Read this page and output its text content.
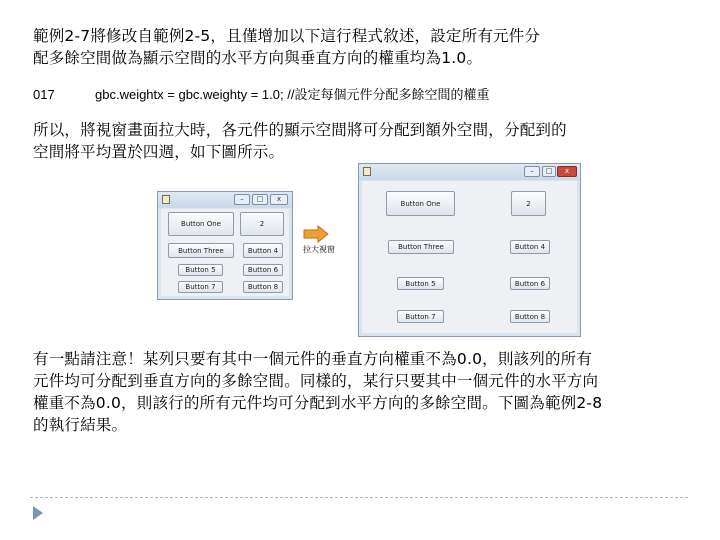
範例2-7將修改自範例2-5，且僅增加以下這行程式敘述，設定所有元件分
配多餘空間做為顯示空間的水平方向與垂直方向的權重均為1.0。
017	gbc.weightx = gbc.weighty = 1.0; //設定每個元件分配多餘空間的權重
所以，將視窗畫面拉大時，各元件的顯示空間將可分配到額外空間，分配到的
空間將平均置於四週，如下圖所示。
–	□	x
Button One	2
Button Three	Button 4
Button 5	Button 6
Button 7	Button 8
拉大視窗
–	□	x
Button One	2
Button Three	Button 4
Button 5	Button 6
Button 7	Button 8
有一點請注意！某列只要有其中一個元件的垂直方向權重不為0.0，則該列的所有
元件均可分配到垂直方向的多餘空間。同樣的，某行只要其中一個元件的水平方向
權重不為0.0，則該行的所有元件均可分配到水平方向的多餘空間。下圖為範例2-8
的執行結果。
